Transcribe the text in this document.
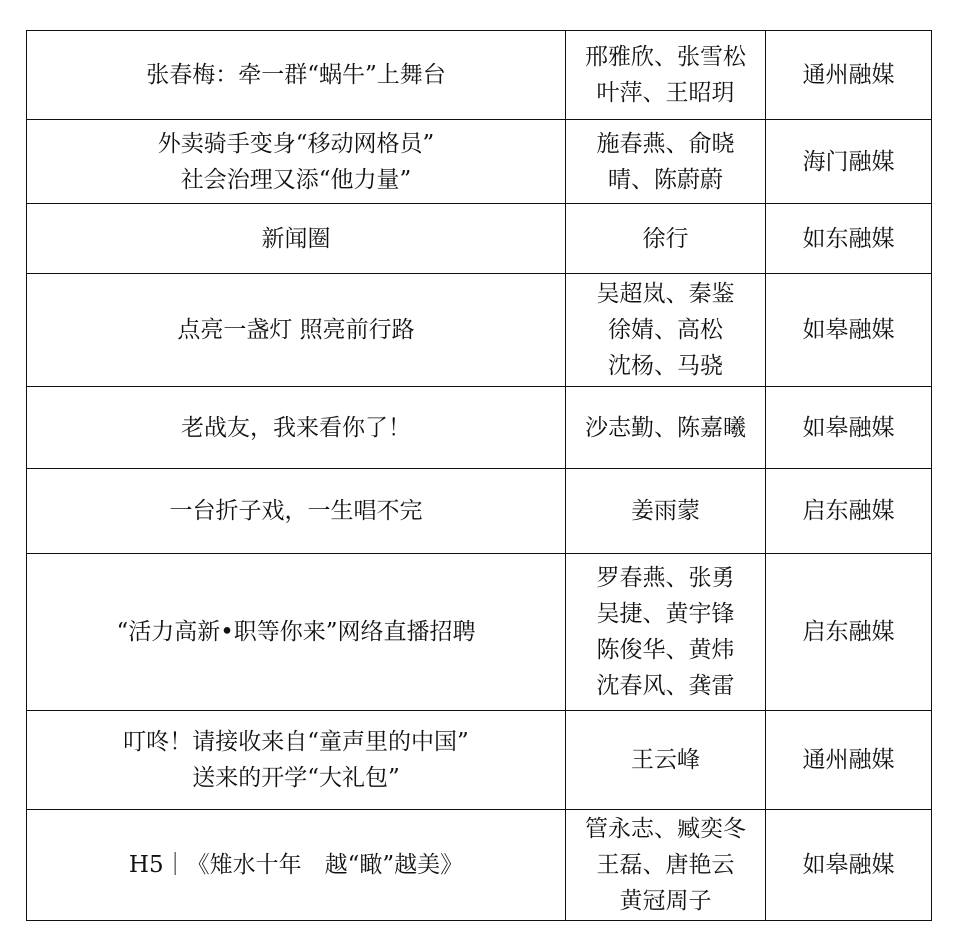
张春梅：牵一群“蜗牛”上舞台	邢雅欣、张雪松
叶萍、王昭玥	通州融媒

外卖骑手变身“移动网格员”
社会治理又添“他力量”	施春燕、俞晓
晴、陈蔚蔚	海门融媒

新闻圈	徐行	如东融媒

点亮一盏灯 照亮前行路	吴超岚、秦鉴
徐婧、高松
沈杨、马骁	如皋融媒

老战友，我来看你了！	沙志勤、陈嘉曦	如皋融媒

一台折子戏，一生唱不完	姜雨蒙	启东融媒

“活力高新•职等你来”网络直播招聘	罗春燕、张勇
吴捷、黄宇锋
陈俊华、黄炜
沈春风、龚雷	启东融媒

叮咚！请接收来自“童声里的中国”
送来的开学“大礼包”	王云峰	通州融媒

H5｜《雉水十年　越“瞰”越美》	管永志、臧奕冬
王磊、唐艳云
黄冠周子	如皋融媒
